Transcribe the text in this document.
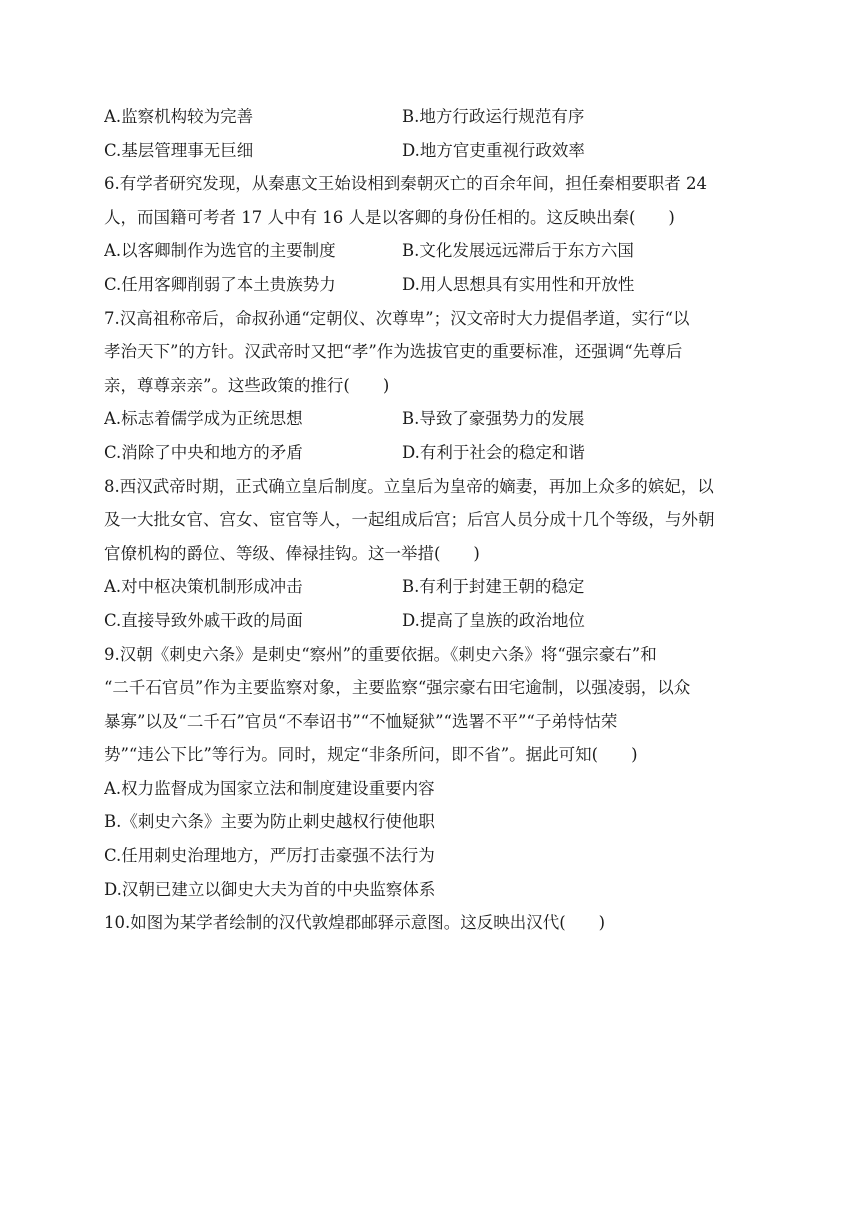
A.监察机构较为完善	B.地方行政运行规范有序
C.基层管理事无巨细	D.地方官吏重视行政效率
6.有学者研究发现，从秦惠文王始设相到秦朝灭亡的百余年间，担任秦相要职者 24
人，而国籍可考者 17 人中有 16 人是以客卿的身份任相的。这反映出秦(　　)
A.以客卿制作为选官的主要制度	B.文化发展远远滞后于东方六国
C.任用客卿削弱了本土贵族势力	D.用人思想具有实用性和开放性
7.汉高祖称帝后，命叔孙通“定朝仪、次尊卑”；汉文帝时大力提倡孝道，实行“以
孝治天下”的方针。汉武帝时又把“孝”作为选拔官吏的重要标准，还强调“先尊后
亲，尊尊亲亲”。这些政策的推行(　　)
A.标志着儒学成为正统思想	B.导致了豪强势力的发展
C.消除了中央和地方的矛盾	D.有利于社会的稳定和谐
8.西汉武帝时期，正式确立皇后制度。立皇后为皇帝的嫡妻，再加上众多的嫔妃，以
及一大批女官、宫女、宦官等人，一起组成后宫；后宫人员分成十几个等级，与外朝
官僚机构的爵位、等级、俸禄挂钩。这一举措(　　)
A.对中枢决策机制形成冲击	B.有利于封建王朝的稳定
C.直接导致外戚干政的局面	D.提高了皇族的政治地位
9.汉朝《刺史六条》是刺史“察州”的重要依据。《刺史六条》将“强宗豪右”和
“二千石官员”作为主要监察对象，主要监察“强宗豪右田宅逾制，以强凌弱，以众
暴寡”以及“二千石”官员“不奉诏书”“不恤疑狱”“选署不平”“子弟恃怙荣
势”“违公下比”等行为。同时，规定“非条所问，即不省”。据此可知(　　)
A.权力监督成为国家立法和制度建设重要内容
B.《刺史六条》主要为防止刺史越权行使他职
C.任用刺史治理地方，严厉打击豪强不法行为
D.汉朝已建立以御史大夫为首的中央监察体系
10.如图为某学者绘制的汉代敦煌郡邮驿示意图。这反映出汉代(　　)
